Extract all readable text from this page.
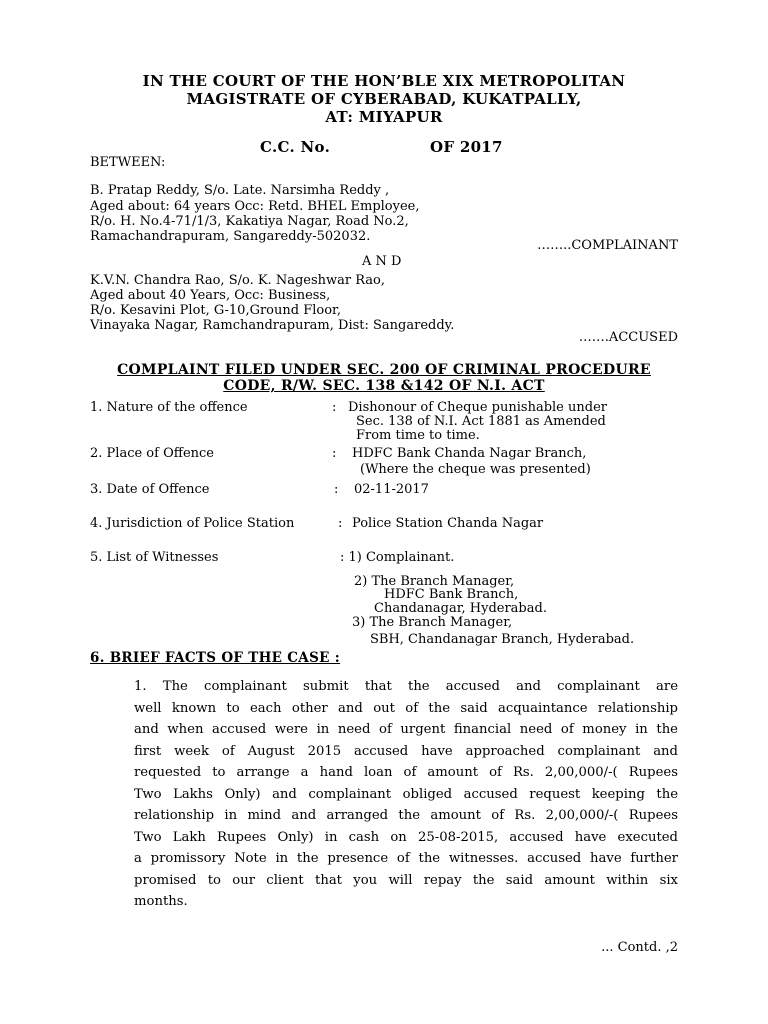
IN THE COURT OF THE HON’BLE XIX METROPOLITAN
MAGISTRATE OF CYBERABAD, KUKATPALLY,
AT: MIYAPUR
C.C. No.	OF 2017
BETWEEN:
B. Pratap Reddy, S/o. Late. Narsimha Reddy ,
Aged about: 64 years Occ: Retd. BHEL Employee,
R/o. H. No.4-71/1/3, Kakatiya Nagar, Road No.2,
Ramachandrapuram, Sangareddy-502032.
……..COMPLAINANT
A N D
K.V.N. Chandra Rao, S/o. K. Nageshwar Rao,
Aged about 40 Years, Occ: Business,
R/o. Kesavini Plot, G-10,Ground Floor,
Vinayaka Nagar, Ramchandrapuram, Dist: Sangareddy.
…….ACCUSED
COMPLAINT FILED UNDER SEC. 200 OF CRIMINAL PROCEDURE
CODE, R/W. SEC. 138 &142 OF N.I. ACT
1. Nature of the offence	: Dishonour of Cheque punishable under
Sec. 138 of N.I. Act 1881 as Amended
From time to time.
2. Place of Offence	: HDFC Bank Chanda Nagar Branch,
(Where the cheque was presented)
3. Date of Offence	: 02-11-2017
4. Jurisdiction of Police Station	: Police Station Chanda Nagar
5. List of Witnesses	: 1) Complainant.
2) The Branch Manager,
HDFC Bank Branch,
Chandanagar, Hyderabad.
3) The Branch Manager,
SBH, Chandanagar Branch, Hyderabad.
6. BRIEF FACTS OF THE CASE :
1. The complainant submit that the accused and complainant are
well known to each other and out of the said acquaintance relationship
and when accused were in need of urgent financial need of money in the
first week of August 2015 accused have approached complainant and
requested to arrange a hand loan of amount of Rs. 2,00,000/-( Rupees
Two Lakhs Only) and complainant obliged accused request keeping the
relationship in mind and arranged the amount of Rs. 2,00,000/-( Rupees
Two Lakh Rupees Only) in cash on 25-08-2015, accused have executed
a promissory Note in the presence of the witnesses. accused have further
promised to our client that you will repay the said amount within six
months.
... Contd. ,2
